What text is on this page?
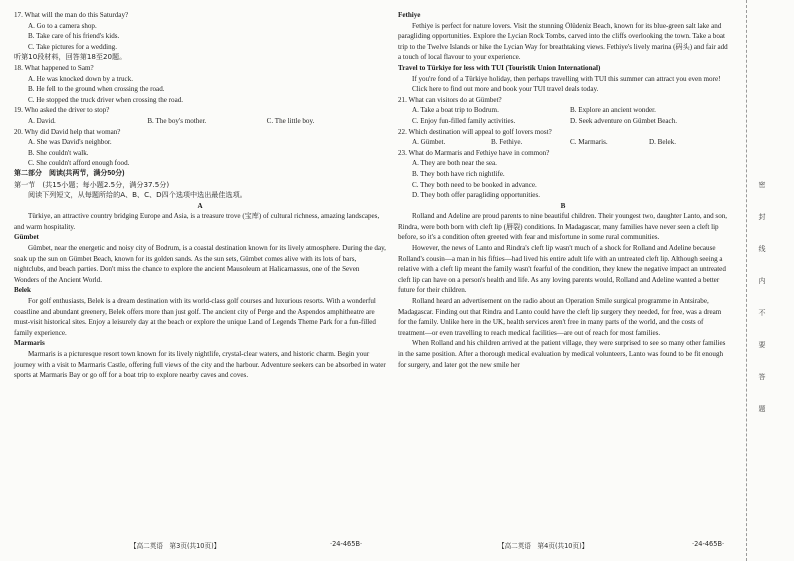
17. What will the man do this Saturday?

A. Go to a camera shop.

B. Take care of his friend's kids.

C. Take pictures for a wedding.

听第10段材料，回答第18至20题。

18. What happened to Sam?

A. He was knocked down by a truck.

B. He fell to the ground when crossing the road.

C. He stopped the truck driver when crossing the road.

19. Who asked the driver to stop?

A. David.	B. The boy's mother.	C. The little boy.

20. Why did David help that woman?

A. She was David's neighbor.

B. She couldn't walk.

C. She couldn't afford enough food.

第二部分　阅读(共两节，满分50分)

第一节　(共15小题；每小题2.5分，满分37.5分)

阅读下列短文，从每题所给的A、B、C、D四个选项中选出最佳选项。

A

Türkiye, an attractive country bridging Europe and Asia, is a treasure trove (宝库) of cultural richness, amazing landscapes, and warm hospitality.

Gümbet

Gümbet, near the energetic and noisy city of Bodrum, is a coastal destination known for its lively atmosphere. During the day, soak up the sun on Gümbet Beach, known for its golden sands. As the sun sets, Gümbet comes alive with its lots of bars, nightclubs, and beach parties. Don't miss the chance to explore the ancient Mausoleum at Halicarnassus, one of the Seven Wonders of the Ancient World.

Belek

For golf enthusiasts, Belek is a dream destination with its world-class golf courses and luxurious resorts. With a wonderful coastline and abundant greenery, Belek offers more than just golf. The ancient city of Perge and the Aspendos amphitheatre are must-visit historical sites. Enjoy a leisurely day at the beach or explore the unique Land of Legends Theme Park for a fun-filled family experience.

Marmaris

Marmaris is a picturesque resort town known for its lively nightlife, crystal-clear waters, and historic charm. Begin your journey with a visit to Marmaris Castle, offering full views of the city and the harbour. Adventure seekers can be absorbed in water sports at Marmaris Bay or go off for a boat trip to explore nearby caves and coves.

Fethiye

Fethiye is perfect for nature lovers. Visit the stunning Ölüdeniz Beach, known for its blue-green salt lake and paragliding opportunities. Explore the Lycian Rock Tombs, carved into the cliffs overlooking the town. Take a boat trip to the Twelve Islands or hike the Lycian Way for breathtaking views. Fethiye's lively marina (码头) and fair add a touch of local flavour to your experience.

Travel to Türkiye for less with TUI (Touristik Union International)

If you're fond of a Türkiye holiday, then perhaps travelling with TUI this summer can attract you even more!

Click here to find out more and book your TUI travel deals today.

21. What can visitors do at Gümbet?

A. Take a boat trip to Bodrum.	B. Explore an ancient wonder.
C. Enjoy fun-filled family activities.	D. Seek adventure on Gümbet Beach.

22. Which destination will appeal to golf lovers most?

A. Gümbet.	B. Fethiye.	C. Marmaris.	D. Belek.

23. What do Marmaris and Fethiye have in common?

A. They are both near the sea.

B. They both have rich nightlife.

C. They both need to be booked in advance.

D. They both offer paragliding opportunities.

B

Rolland and Adeline are proud parents to nine beautiful children. Their youngest two, daughter Lanto, and son, Rindra, were both born with cleft lip (唇裂) conditions. In Madagascar, many families have never seen a cleft lip before, so it's a condition often greeted with fear and misfortune in some rural communities.

However, the news of Lanto and Rindra's cleft lip wasn't much of a shock for Rolland and Adeline because Rolland's cousin—a man in his fifties—had lived his entire adult life with an untreated cleft lip. Although seeing a relative with a cleft lip meant the family wasn't fearful of the condition, they knew the negative impact an untreated cleft lip can have on a person's health and life. As any loving parents would, Rolland and Adeline wanted a better future for their children.

Rolland heard an advertisement on the radio about an Operation Smile surgical programme in Antsirabe, Madagascar. Finding out that Rindra and Lanto could have the cleft lip surgery they needed, for free, was a dream for the family. Unlike here in the UK, health services aren't free in many parts of the world, and the costs of treatment—or even travelling to reach medical facilities—are out of reach for most families.

When Rolland and his children arrived at the patient village, they were surprised to see so many other families in the same position. After a thorough medical evaluation by medical volunteers, Lanto was found to be fit enough for surgery, and later got the new smile her

【高二英语　第3页(共10页)】	·24-465B·	【高二英语　第4页(共10页)】	·24-465B·
密
封
线
内
不
要
答
题
